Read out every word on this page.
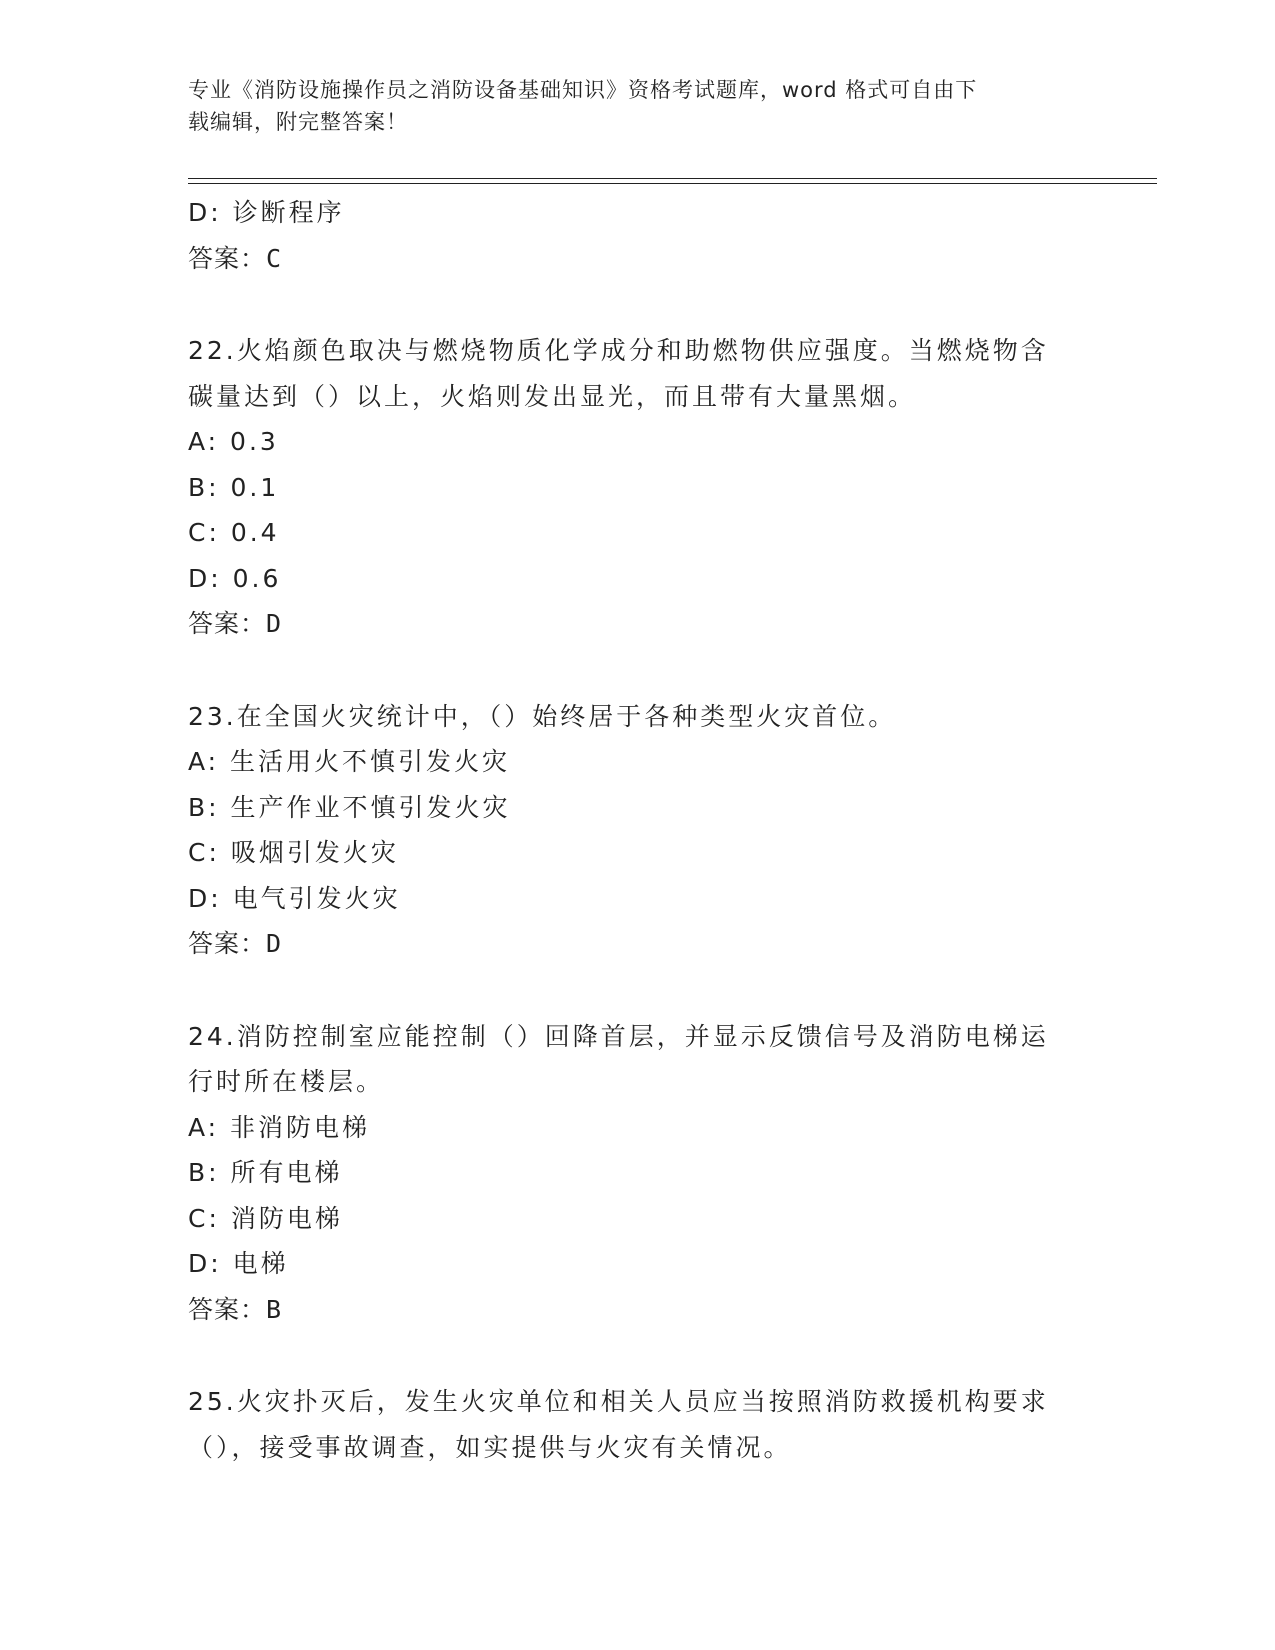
专业《消防设施操作员之消防设备基础知识》资格考试题库，word 格式可自由下
载编辑，附完整答案！
D: 诊断程序
答案：C
22.火焰颜色取决与燃烧物质化学成分和助燃物供应强度。当燃烧物含
碳量达到（）以上，火焰则发出显光，而且带有大量黑烟。
A: 0.3
B: 0.1
C: 0.4
D: 0.6
答案：D
23.在全国火灾统计中，（）始终居于各种类型火灾首位。
A: 生活用火不慎引发火灾
B: 生产作业不慎引发火灾
C: 吸烟引发火灾
D: 电气引发火灾
答案：D
24.消防控制室应能控制（）回降首层，并显示反馈信号及消防电梯运
行时所在楼层。
A: 非消防电梯
B: 所有电梯
C: 消防电梯
D: 电梯
答案：B
25.火灾扑灭后，发生火灾单位和相关人员应当按照消防救援机构要求
（），接受事故调查，如实提供与火灾有关情况。
